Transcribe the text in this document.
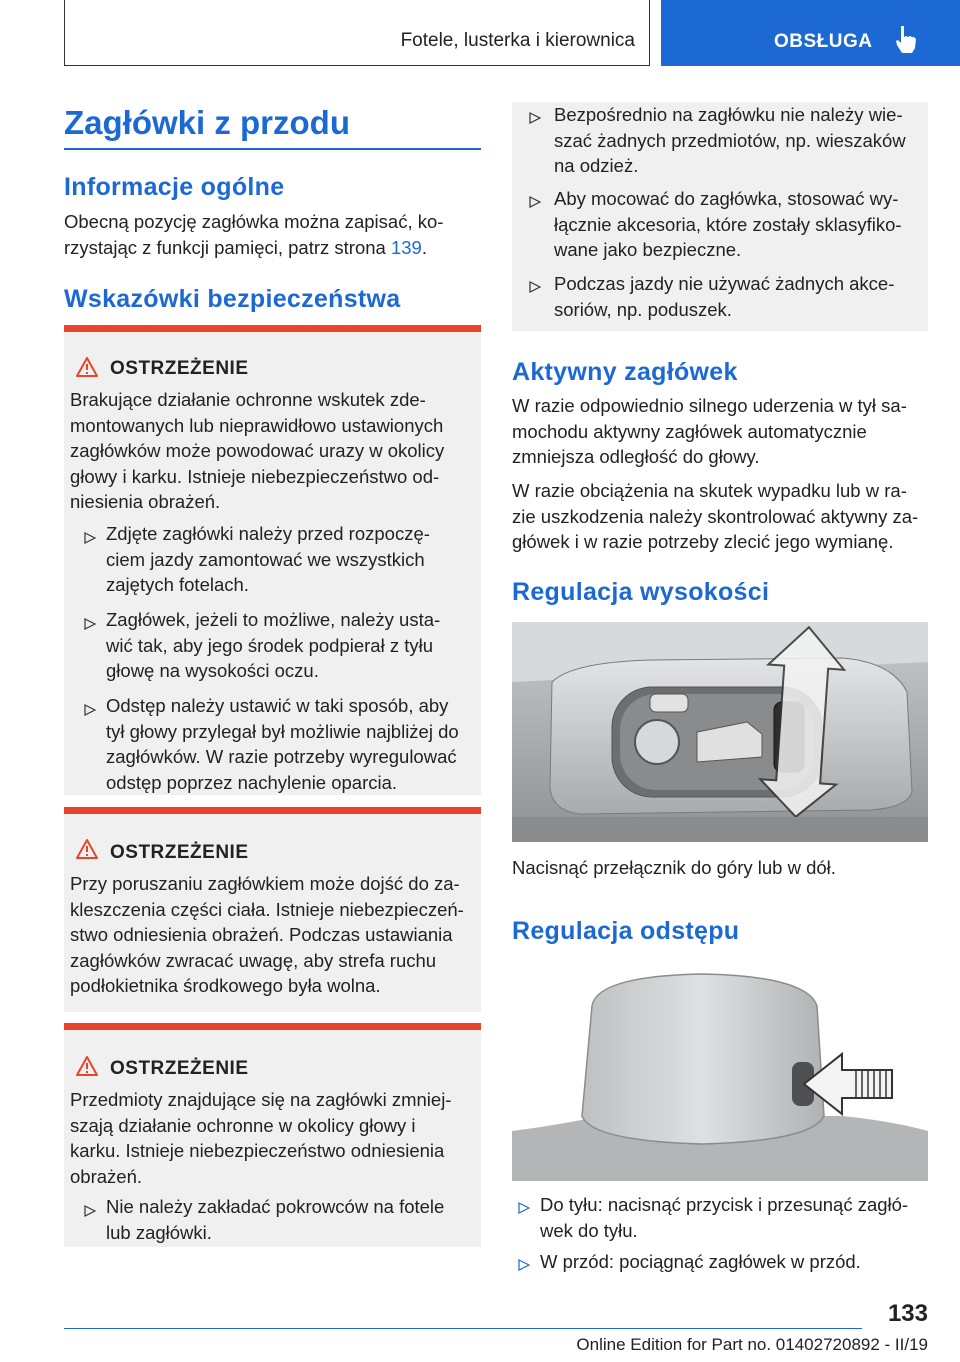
Fotele, lusterka i kierownica	OBSŁUGA
Zagłówki z przodu
Informacje ogólne
Obecną pozycję zagłówka można zapisać, ko-
rzystając z funkcji pamięci, patrz strona 139.
Wskazówki bezpieczeństwa
OSTRZEŻENIE
Brakujące działanie ochronne wskutek zde-
montowanych lub nieprawidłowo ustawionych
zagłówków może powodować urazy w okolicy
głowy i karku. Istnieje niebezpieczeństwo od-
niesienia obrażeń.
Zdjęte zagłówki należy przed rozpoczę-
ciem jazdy zamontować we wszystkich
zajętych fotelach.
Zagłówek, jeżeli to możliwe, należy usta-
wić tak, aby jego środek podpierał z tyłu
głowę na wysokości oczu.
Odstęp należy ustawić w taki sposób, aby
tył głowy przylegał był możliwie najbliżej do
zagłówków. W razie potrzeby wyregulować
odstęp poprzez nachylenie oparcia.
OSTRZEŻENIE
Przy poruszaniu zagłówkiem może dojść do za-
kleszczenia części ciała. Istnieje niebezpieczeń-
stwo odniesienia obrażeń. Podczas ustawiania
zagłówków zwracać uwagę, aby strefa ruchu
podłokietnika środkowego była wolna.
OSTRZEŻENIE
Przedmioty znajdujące się na zagłówki zmniej-
szają działanie ochronne w okolicy głowy i
karku. Istnieje niebezpieczeństwo odniesienia
obrażeń.
Nie należy zakładać pokrowców na fotele
lub zagłówki.
Bezpośrednio na zagłówku nie należy wie-
szać żadnych przedmiotów, np. wieszaków
na odzież.
Aby mocować do zagłówka, stosować wy-
łącznie akcesoria, które zostały sklasyfiko-
wane jako bezpieczne.
Podczas jazdy nie używać żadnych akce-
soriów, np. poduszek.
Aktywny zagłówek
W razie odpowiednio silnego uderzenia w tył sa-
mochodu aktywny zagłówek automatycznie
zmniejsza odległość do głowy.
W razie obciążenia na skutek wypadku lub w ra-
zie uszkodzenia należy skontrolować aktywny za-
główek i w razie potrzeby zlecić jego wymianę.
Regulacja wysokości
Nacisnąć przełącznik do góry lub w dół.
Regulacja odstępu
Do tyłu: nacisnąć przycisk i przesunąć zagłó-
wek do tyłu.
W przód: pociągnąć zagłówek w przód.
133
Online Edition for Part no. 01402720892 - II/19
